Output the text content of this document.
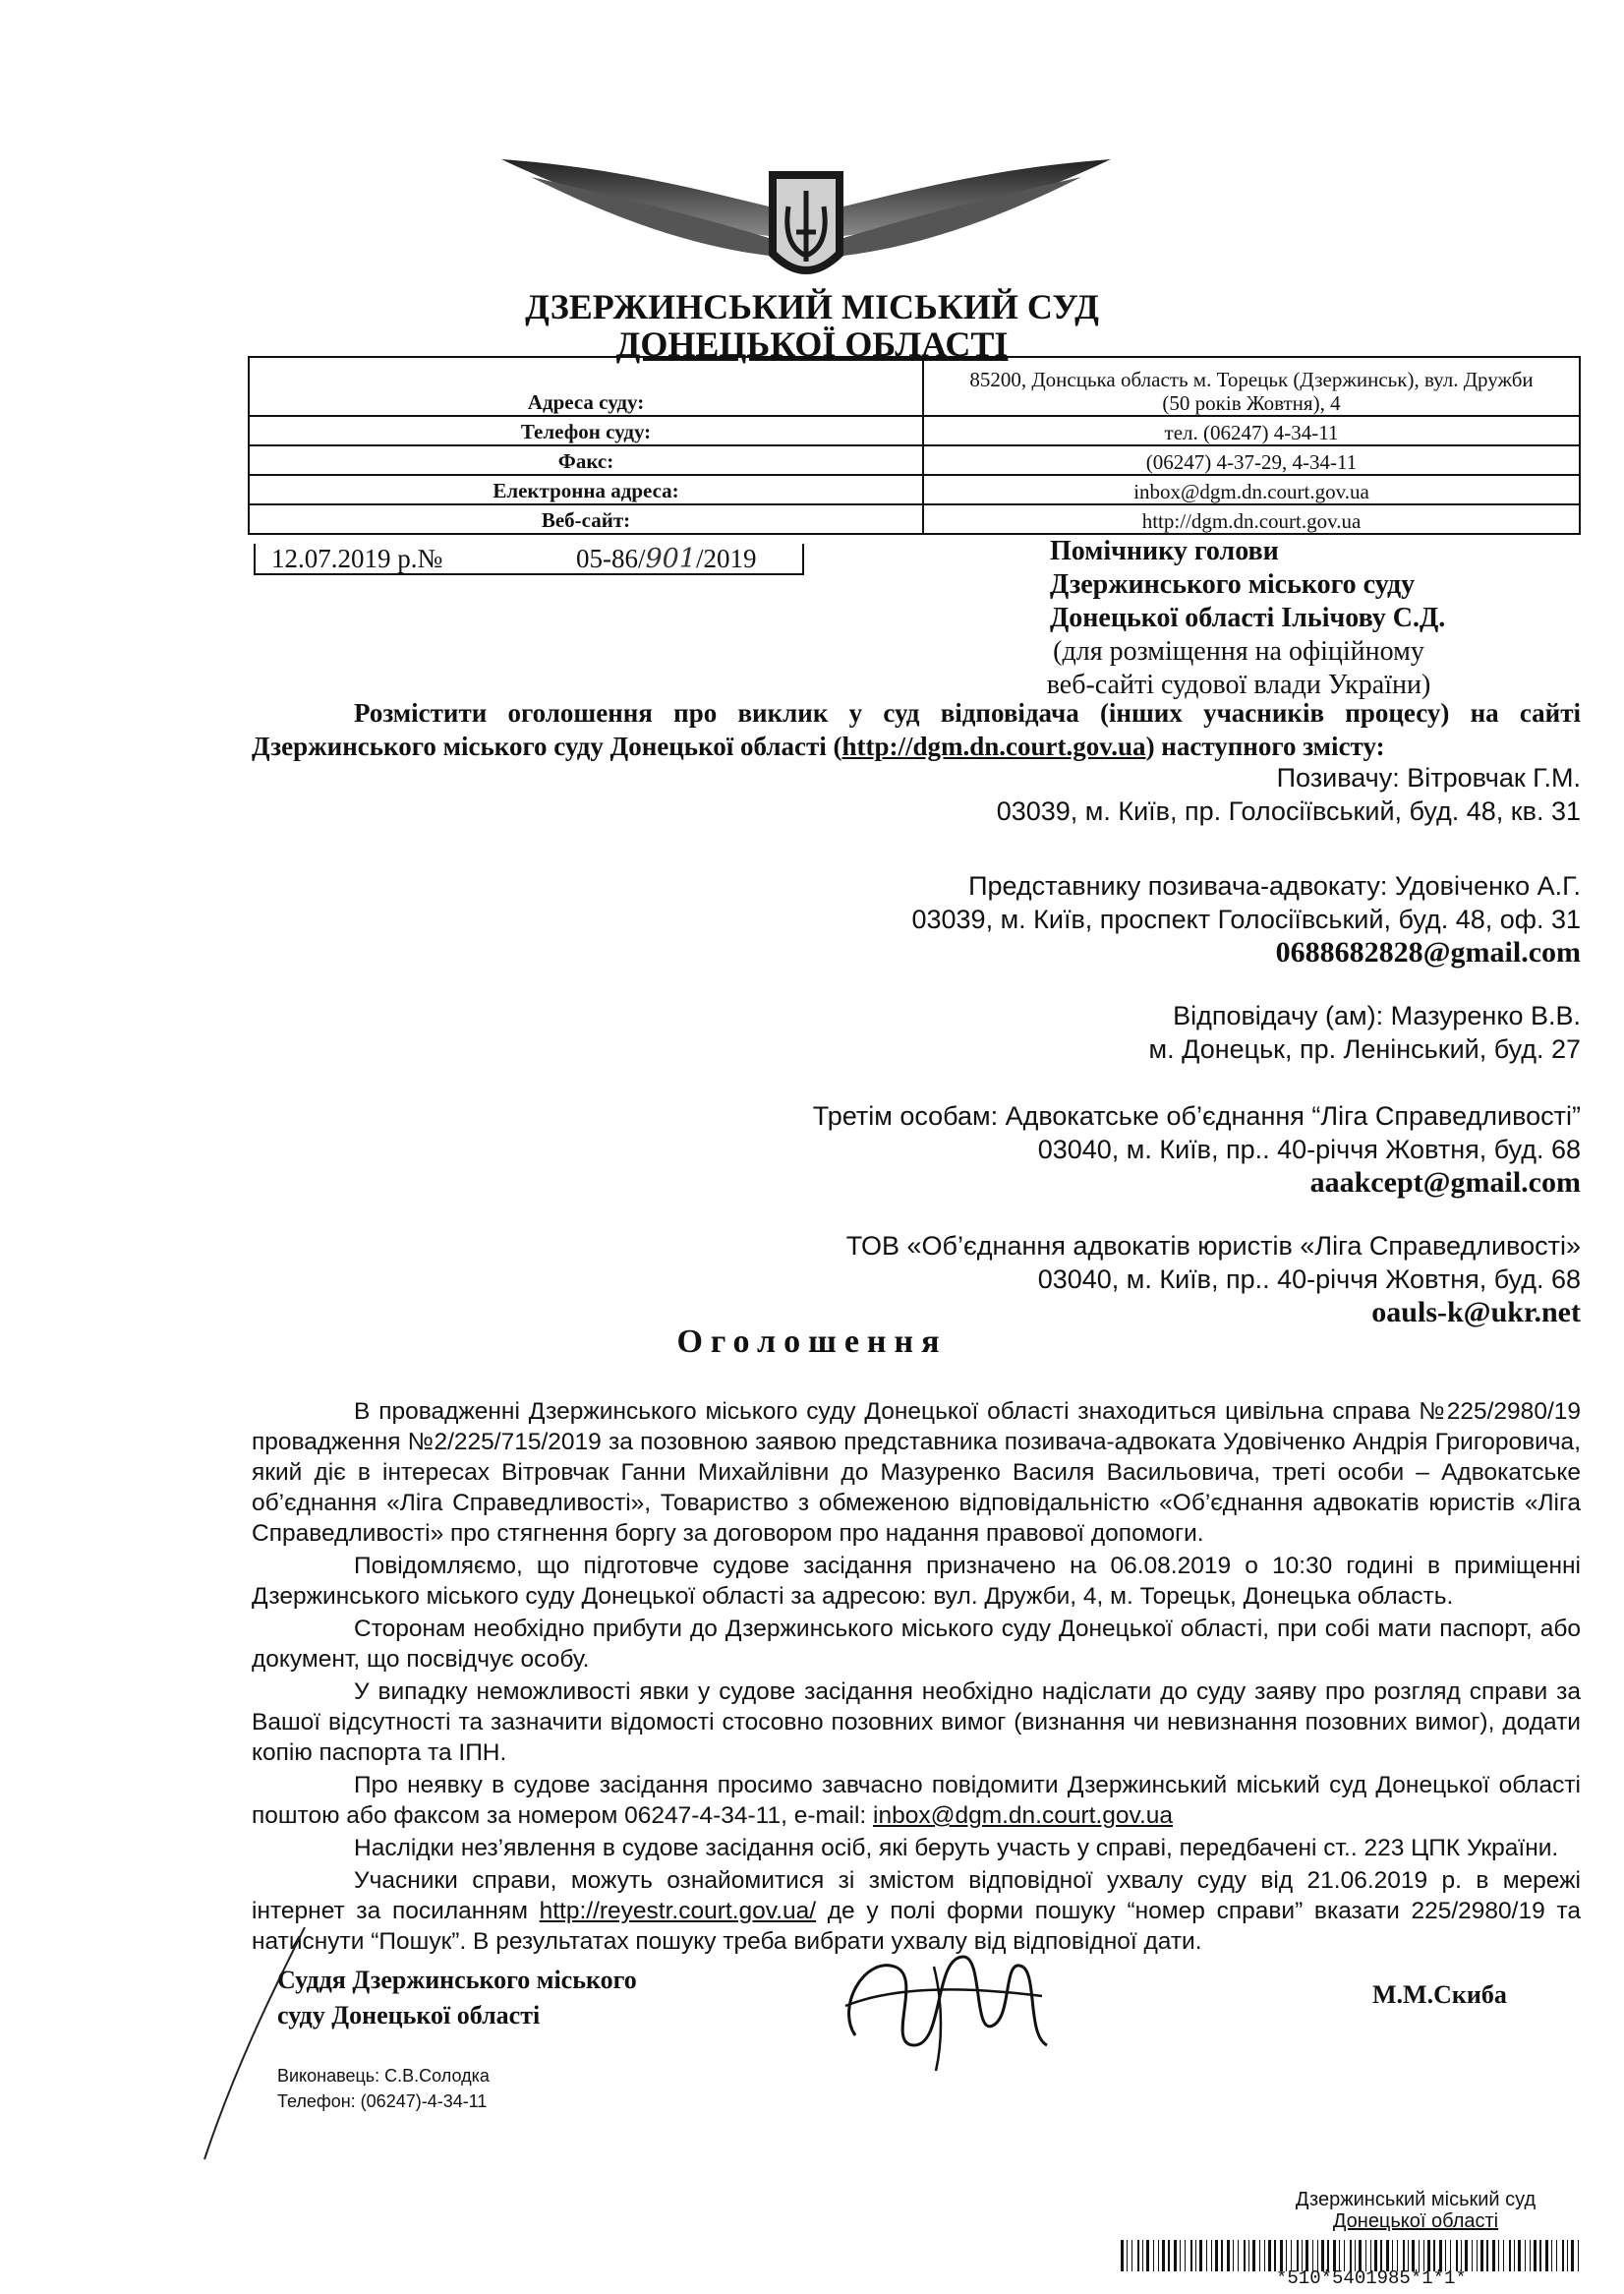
ДЗЕРЖИНСЬКИЙ МІСЬКИЙ СУД
ДОНЕЦЬКОЇ ОБЛАСТІ
Адреса суду:	85200, Донсцька область м. Торецьк (Дзержинськ), вул. Дружби
(50 років Жовтня), 4

Телефон суду:	тел. (06247) 4-34-11
Факс:	(06247) 4-37-29, 4-34-11
Електронна адреса:	inbox@dgm.dn.court.gov.ua
Веб-сайт:	http://dgm.dn.court.gov.ua
12.07.2019 р.№	05-86/901/2019	Помічнику голови
Дзержинського міського суду
Донецької області Ільічову С.Д.
(для розміщення на офіційному
веб-сайті судової влади України)
Розмістити оголошення про виклик у суд відповідача (інших учасників процесу) на сайті
Дзержинського міського суду Донецької області (http://dgm.dn.court.gov.ua) наступного змісту:
Позивачу: Вітровчак Г.М.
03039, м. Київ, пр. Голосіївський, буд. 48, кв. 31
Представнику позивача-адвокату: Удовіченко А.Г.
03039, м. Київ, проспект Голосіївський, буд. 48, оф. 31
0688682828@gmail.com
Відповідачу (ам): Мазуренко В.В.
м. Донецьк, пр. Ленінський, буд. 27
Третім особам: Адвокатське об’єднання “Ліга Справедливості”
03040, м. Київ, пр.. 40-річчя Жовтня, буд. 68
aaakcept@gmail.com
ТОВ «Об’єднання адвокатів юристів «Ліга Справедливості»
03040, м. Київ, пр.. 40-річчя Жовтня, буд. 68
oauls-k@ukr.net
Оголошення

В провадженні Дзержинського міського суду Донецької області знаходиться цивільна справа №225/2980/19 провадження №2/225/715/2019 за позовною заявою представника позивача-адвоката Удовіченко Андрія Григоровича, який діє в інтересах Вітровчак Ганни Михайлівни до Мазуренко Василя Васильовича, треті особи – Адвокатське об’єднання «Ліга Справедливості», Товариство з обмеженою відповідальністю «Об’єднання адвокатів юристів «Ліга Справедливості» про стягнення боргу за договором про надання правової допомоги.

Повідомляємо, що підготовче судове засідання призначено на 06.08.2019 о 10:30 годині в приміщенні Дзержинського міського суду Донецької області за адресою: вул. Дружби, 4, м. Торецьк, Донецька область.

Сторонам необхідно прибути до Дзержинського міського суду Донецької області, при собі мати паспорт, або документ, що посвідчує особу.

У випадку неможливості явки у судове засідання необхідно надіслати до суду заяву про розгляд справи за Вашої відсутності та зазначити відомості стосовно позовних вимог (визнання чи невизнання позовних вимог), додати копію паспорта та ІПН.

Про неявку в судове засідання просимо завчасно повідомити Дзержинський міський суд Донецької області поштою або факсом за номером 06247-4-34-11, e-mail: inbox@dgm.dn.court.gov.ua

Наслідки нез’явлення в судове засідання осіб, які беруть участь у справі, передбачені ст.. 223 ЦПК України.

Учасники справи, можуть ознайомитися зі змістом відповідної ухвалу суду від 21.06.2019 р. в мережі інтернет за посиланням http://reyestr.court.gov.ua/ де у полі форми пошуку “номер справи” вказати 225/2980/19 та натиснути “Пошук”. В результатах пошуку треба вибрати ухвалу від відповідної дати.

Суддя Дзержинського міського
суду Донецької області
М.М.Скиба
Виконавець: С.В.Солодка
Телефон: (06247)-4-34-11
Дзержинський міський суд
Донецької області
*510*5401985*1*1*
